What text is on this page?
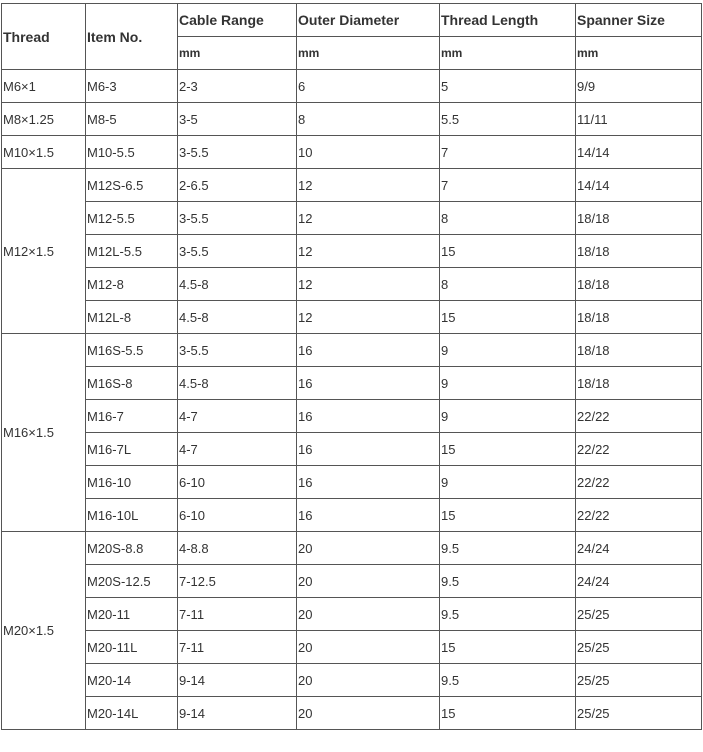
Thread	Item No.	Cable Range	Outer Diameter	Thread Length	Spanner Size
		mm	mm	mm	mm
M6×1	M6-3	2-3	6	5	9/9
M8×1.25	M8-5	3-5	8	5.5	11/11
M10×1.5	M10-5.5	3-5.5	10	7	14/14
M12×1.5	M12S-6.5	2-6.5	12	7	14/14
	M12-5.5	3-5.5	12	8	18/18
	M12L-5.5	3-5.5	12	15	18/18
	M12-8	4.5-8	12	8	18/18
	M12L-8	4.5-8	12	15	18/18
M16×1.5	M16S-5.5	3-5.5	16	9	18/18
	M16S-8	4.5-8	16	9	18/18
	M16-7	4-7	16	9	22/22
	M16-7L	4-7	16	15	22/22
	M16-10	6-10	16	9	22/22
	M16-10L	6-10	16	15	22/22
M20×1.5	M20S-8.8	4-8.8	20	9.5	24/24
	M20S-12.5	7-12.5	20	9.5	24/24
	M20-11	7-11	20	9.5	25/25
	M20-11L	7-11	20	15	25/25
	M20-14	9-14	20	9.5	25/25
	M20-14L	9-14	20	15	25/25
